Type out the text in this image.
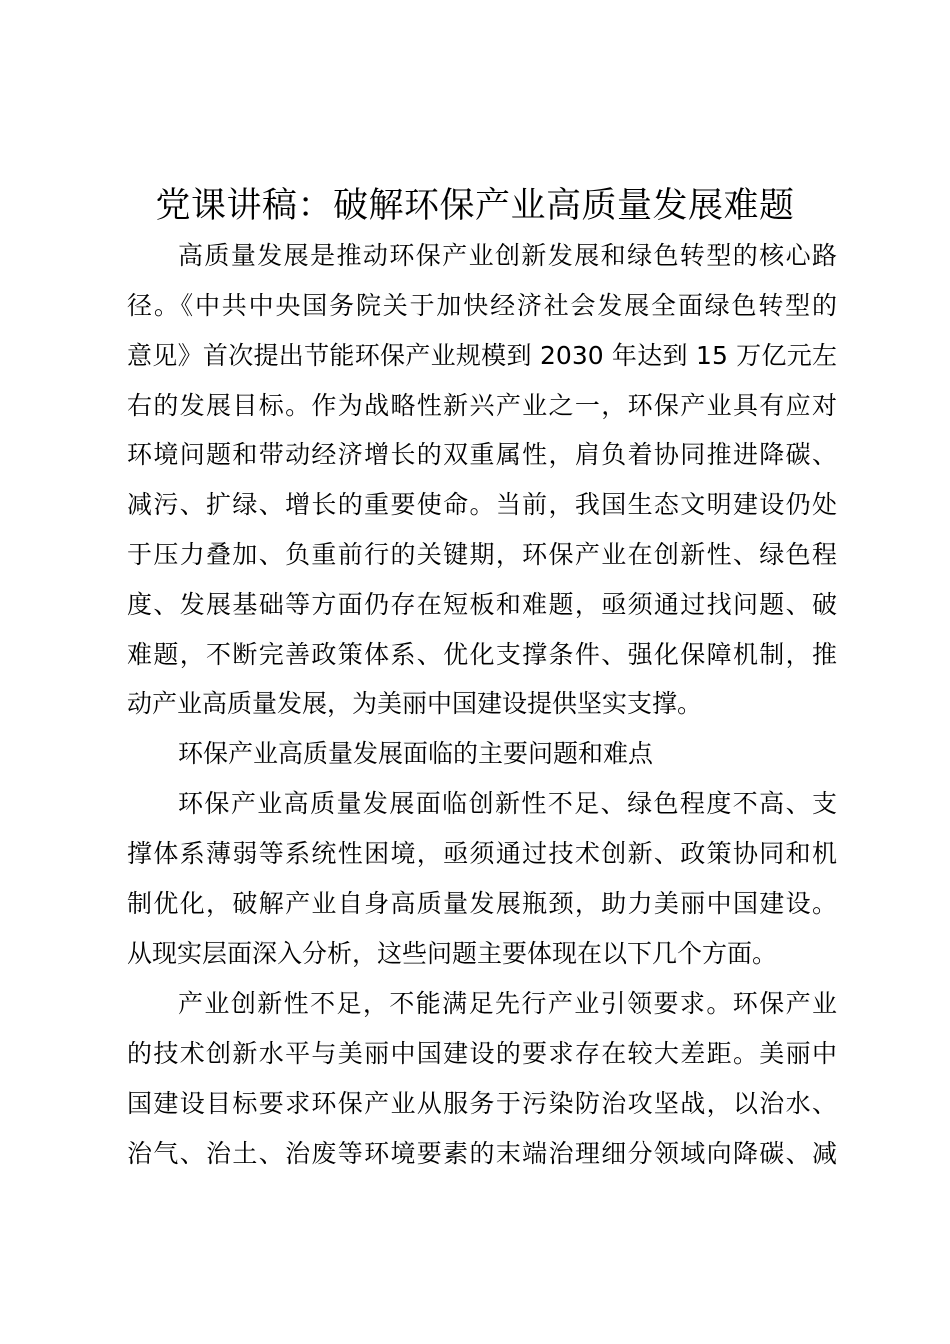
党课讲稿：破解环保产业高质量发展难题
高质量发展是推动环保产业创新发展和绿色转型的核心路
径。《中共中央国务院关于加快经济社会发展全面绿色转型的
意见》首次提出节能环保产业规模到 2030 年达到 15 万亿元左
右的发展目标。作为战略性新兴产业之一，环保产业具有应对
环境问题和带动经济增长的双重属性，肩负着协同推进降碳、
减污、扩绿、增长的重要使命。当前，我国生态文明建设仍处
于压力叠加、负重前行的关键期，环保产业在创新性、绿色程
度、发展基础等方面仍存在短板和难题，亟须通过找问题、破
难题，不断完善政策体系、优化支撑条件、强化保障机制，推
动产业高质量发展，为美丽中国建设提供坚实支撑。
环保产业高质量发展面临的主要问题和难点
环保产业高质量发展面临创新性不足、绿色程度不高、支
撑体系薄弱等系统性困境，亟须通过技术创新、政策协同和机
制优化，破解产业自身高质量发展瓶颈，助力美丽中国建设。
从现实层面深入分析，这些问题主要体现在以下几个方面。
产业创新性不足，不能满足先行产业引领要求。环保产业
的技术创新水平与美丽中国建设的要求存在较大差距。美丽中
国建设目标要求环保产业从服务于污染防治攻坚战，以治水、
治气、治土、治废等环境要素的末端治理细分领域向降碳、减
